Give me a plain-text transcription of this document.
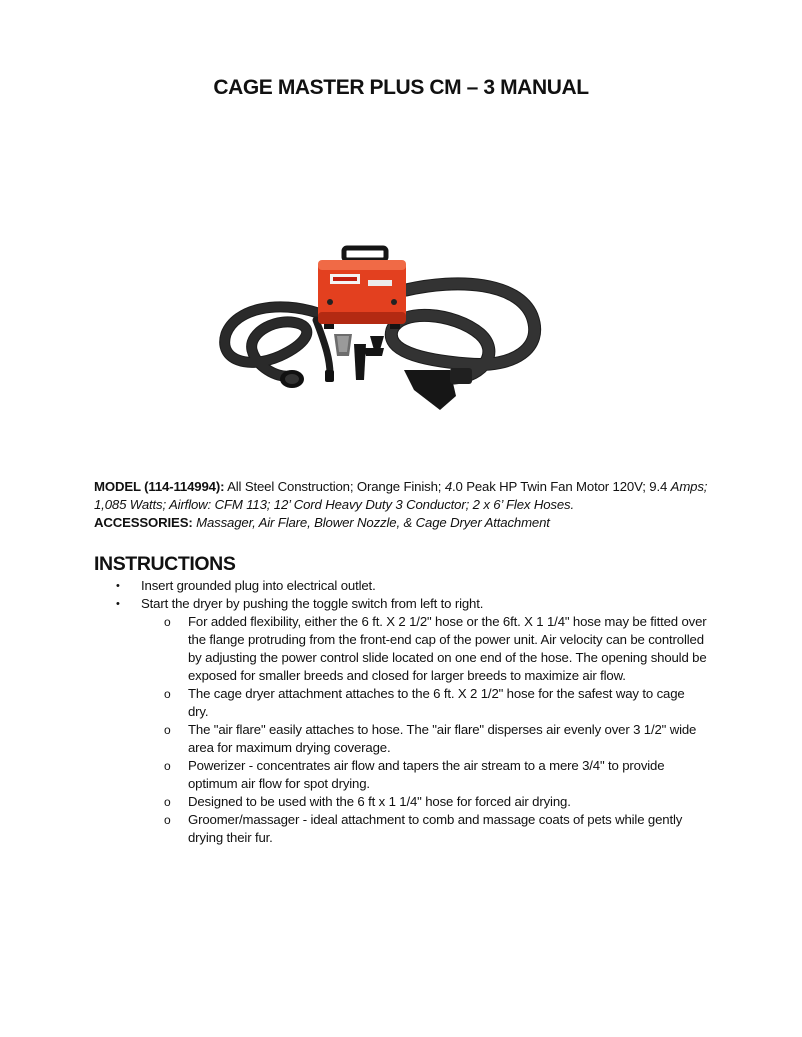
CAGE MASTER PLUS CM – 3 MANUAL

MODEL (114-114994): All Steel Construction; Orange Finish; 4.0 Peak HP Twin Fan Motor 120V; 9.4 Amps; 1,085 Watts; Airflow: CFM 113; 12’ Cord Heavy Duty 3 Conductor; 2 x 6’ Flex Hoses.

ACCESSORIES: Massager, Air Flare, Blower Nozzle, & Cage Dryer Attachment

INSTRUCTIONS
• Insert grounded plug into electrical outlet.
• Start the dryer by pushing the toggle switch from left to right.
o For added flexibility, either the 6 ft. X 2 1/2" hose or the 6ft. X 1 1/4" hose may be fitted over the flange protruding from the front-end cap of the power unit. Air velocity can be controlled by adjusting the power control slide located on one end of the hose. The opening should be exposed for smaller breeds and closed for larger breeds to maximize air flow.
o The cage dryer attachment attaches to the 6 ft. X 2 1/2" hose for the safest way to cage dry.
o The "air flare" easily attaches to hose. The "air flare" disperses air evenly over 3 1/2" wide area for maximum drying coverage.
o Powerizer - concentrates air flow and tapers the air stream to a mere 3/4" to provide optimum air flow for spot drying.
o Designed to be used with the 6 ft x 1 1/4" hose for forced air drying.
o Groomer/massager - ideal attachment to comb and massage coats of pets while gently drying their fur.
